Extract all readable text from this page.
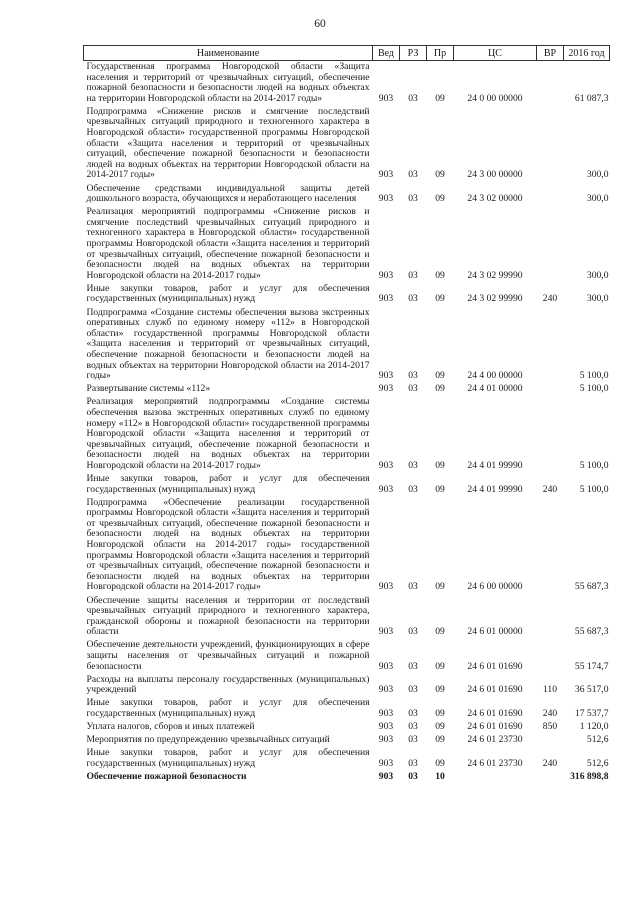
60
Наименование	Вед	РЗ	Пр	ЦС	ВР	2016 год
Государственная программа Новгородской области «Защита населения и территорий от чрезвычайных ситуаций, обеспечение пожарной безопасности и безопасности людей на водных объектах на территории Новгородской области на 2014-2017 годы»	903	03	09	24 0 00 00000		61 087,3
Подпрограмма «Снижение рисков и смягчение последствий чрезвычайных ситуаций природного и техногенного характера в Новгородской области» государственной программы Новгородской области «Защита населения и территорий от чрезвычайных ситуаций, обеспечение пожарной безопасности и безопасности людей на водных объектах на территории Новгородской области на 2014-2017 годы»	903	03	09	24 3 00 00000		300,0
Обеспечение средствами индивидуальной защиты детей дошкольного возраста, обучающихся и неработающего населения	903	03	09	24 3 02 00000		300,0
Реализация мероприятий подпрограммы «Снижение рисков и смягчение последствий чрезвычайных ситуаций природного и техногенного характера в Новгородской области» государственной программы Новгородской области «Защита населения и территорий от чрезвычайных ситуаций, обеспечение пожарной безопасности и безопасности людей на водных объектах на территории Новгородской области на 2014-2017 годы»	903	03	09	24 3 02 99990		300,0
Иные закупки товаров, работ и услуг для обеспечения государственных (муниципальных) нужд	903	03	09	24 3 02 99990	240	300,0
Подпрограмма «Создание системы обеспечения вызова экстренных оперативных служб по единому номеру «112» в Новгородской области» государственной программы Новгородской области «Защита населения и территорий от чрезвычайных ситуаций, обеспечение пожарной безопасности и безопасности людей на водных объектах на территории Новгородской области на 2014-2017 годы»	903	03	09	24 4 00 00000		5 100,0
Развертывание системы «112»	903	03	09	24 4 01 00000		5 100,0
Реализация мероприятий подпрограммы «Создание системы обеспечения вызова экстренных оперативных служб по единому номеру «112» в Новгородской области» государственной программы Новгородской области «Защита населения и территорий от чрезвычайных ситуаций, обеспечение пожарной безопасности и безопасности людей на водных объектах на территории Новгородской области на 2014-2017 годы»	903	03	09	24 4 01 99990		5 100,0
Иные закупки товаров, работ и услуг для обеспечения государственных (муниципальных) нужд	903	03	09	24 4 01 99990	240	5 100,0
Подпрограмма «Обеспечение реализации государственной программы Новгородской области «Защита населения и территорий от чрезвычайных ситуаций, обеспечение пожарной безопасности и безопасности людей на водных объектах на территории Новгородской области на 2014-2017 годы» государственной программы Новгородской области «Защита населения и территорий от чрезвычайных ситуаций, обеспечение пожарной безопасности и безопасности людей на водных объектах на территории Новгородской области на 2014-2017 годы»	903	03	09	24 6 00 00000		55 687,3
Обеспечение защиты населения и территории от последствий чрезвычайных ситуаций природного и техногенного характера, гражданской обороны и пожарной безопасности на территории области	903	03	09	24 6 01 00000		55 687,3
Обеспечение деятельности учреждений, функционирующих в сфере защиты населения от чрезвычайных ситуаций и пожарной безопасности	903	03	09	24 6 01 01690		55 174,7
Расходы на выплаты персоналу государственных (муниципальных) учреждений	903	03	09	24 6 01 01690	110	36 517,0
Иные закупки товаров, работ и услуг для обеспечения государственных (муниципальных) нужд	903	03	09	24 6 01 01690	240	17 537,7
Уплата налогов, сборов и иных платежей	903	03	09	24 6 01 01690	850	1 120,0
Мероприятия по предупреждению чрезвычайных ситуаций	903	03	09	24 6 01 23730		512,6
Иные закупки товаров, работ и услуг для обеспечения государственных (муниципальных) нужд	903	03	09	24 6 01 23730	240	512,6
Обеспечение пожарной безопасности	903	03	10			316 898,8
